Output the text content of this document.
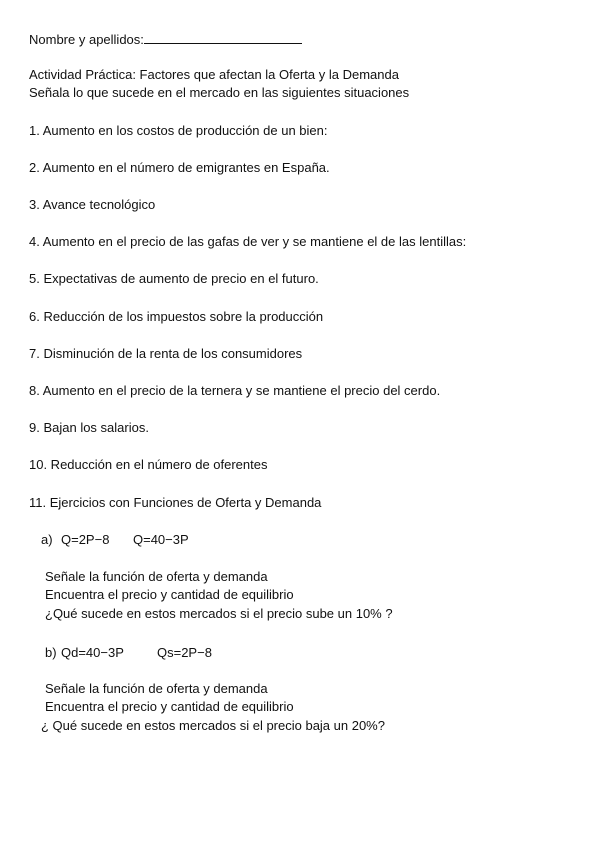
Nombre y apellidos:

Actividad Práctica: Factores que afectan la Oferta y la Demanda

Señala lo que sucede en el mercado en las siguientes situaciones

1. Aumento en los costos de producción de un bien:

2. Aumento en el número de emigrantes en España.

3. Avance tecnológico

4. Aumento en el precio de las gafas de ver y se mantiene el de las lentillas:

5. Expectativas de aumento de precio en el futuro.

6. Reducción de los impuestos sobre la producción

7. Disminución de la renta de los consumidores

8. Aumento en el precio de la ternera y se mantiene el precio del cerdo.

9. Bajan los salarios.

10. Reducción en el número de oferentes

11. Ejercicios con Funciones de Oferta y Demanda

a) Q=2P−8 Q=40−3P

Señale la función de oferta y demanda

Encuentra el precio y cantidad de equilibrio

¿Qué sucede en estos mercados si el precio sube un 10% ?

b) Qd=40−3P	Qs=2P−8

Señale la función de oferta y demanda

Encuentra el precio y cantidad de equilibrio

¿ Qué sucede en estos mercados si el precio baja un 20%?
